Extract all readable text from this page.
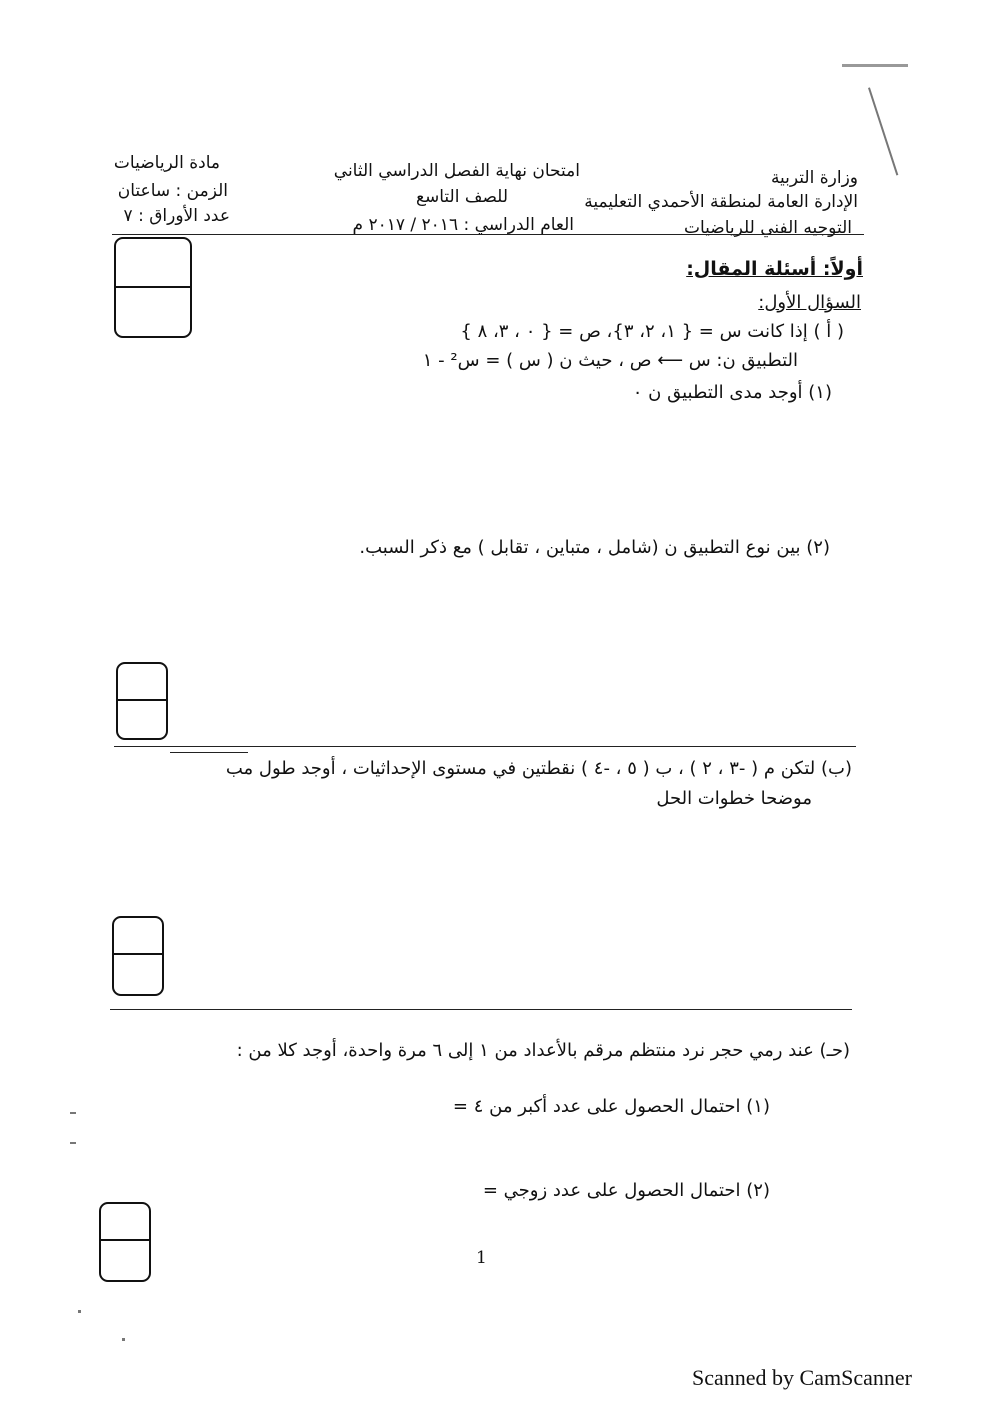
وزارة التربية
الإدارة العامة لمنطقة الأحمدي التعليمية
التوجيه الفني للرياضيات
امتحان نهاية الفصل الدراسي الثاني
للصف التاسع
العام الدراسي : ٢٠١٦ / ٢٠١٧ م
مادة الرياضيات
الزمن : ساعتان
عدد الأوراق : ٧
أولاً: أسئلة المقال:
السؤال الأول:
( أ ) إذا كانت س = { ١، ٢، ٣}، ص = { ٠ ، ٣، ٨ }
التطبيق ن: س ⟵ ص ، حيث ن ( س ) = س² - ١
(١) أوجد مدى التطبيق ن ٠
(٢) بين نوع التطبيق ن (شامل ، متباين ، تقابل ) مع ذكر السبب.
(ب) لتكن م ( -٣ ، ٢ ) ، ب ( ٥ ، -٤ ) نقطتين في مستوى الإحداثيات ، أوجد طول مب
موضحا خطوات الحل
(حـ) عند رمي حجر نرد منتظم مرقم بالأعداد من ١ إلى ٦ مرة واحدة، أوجد كلا من :
(١) احتمال الحصول على عدد أكبر من ٤ =
(٢) احتمال الحصول على عدد زوجي =
1
Scanned by CamScanner
